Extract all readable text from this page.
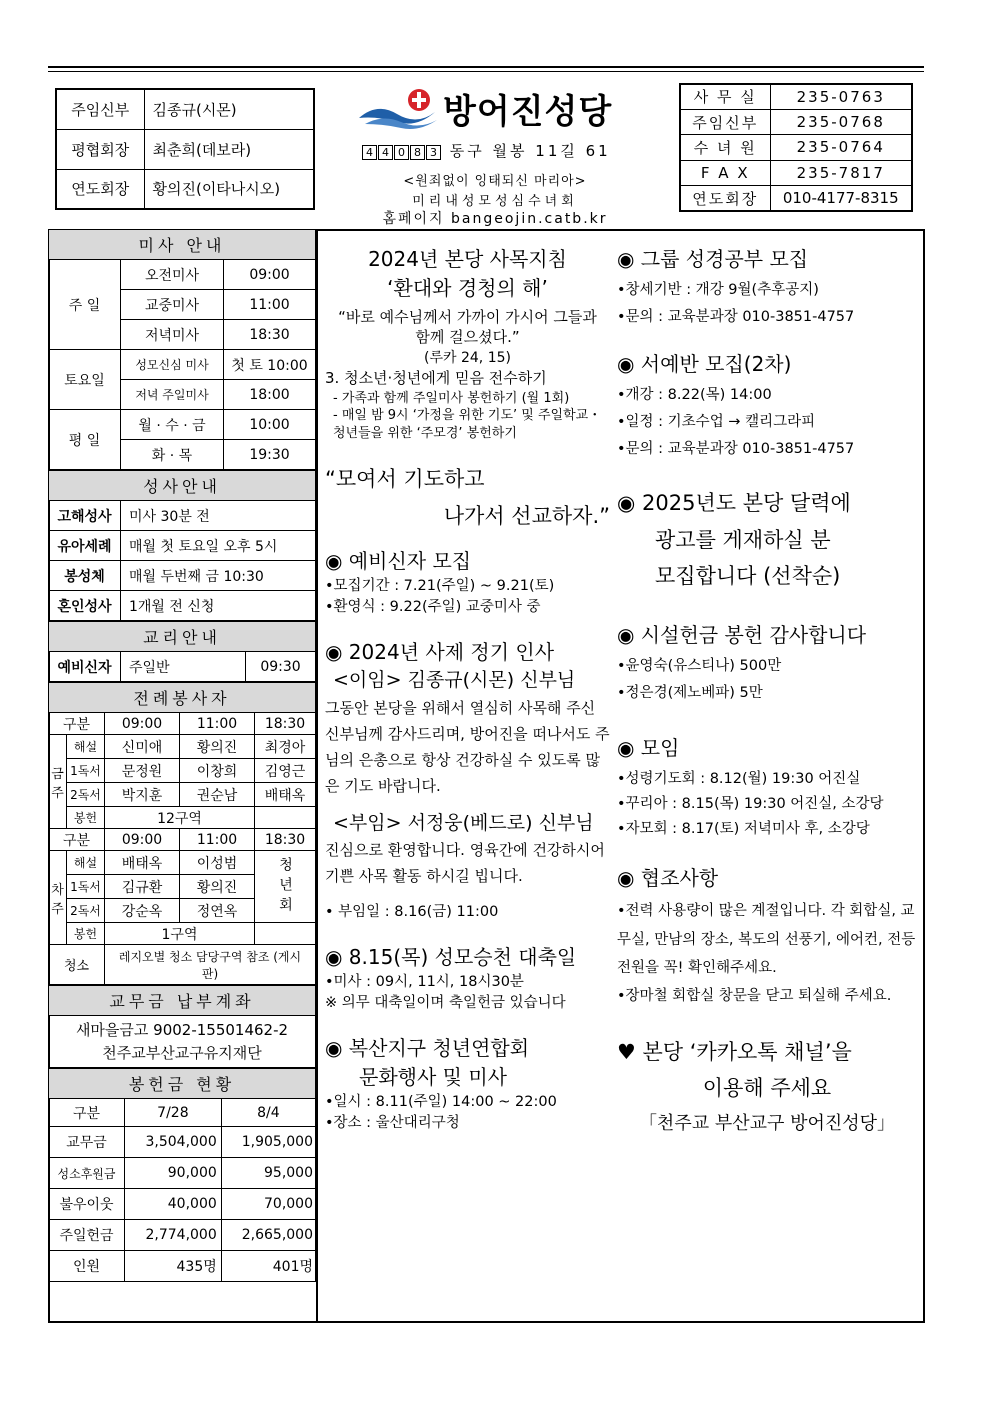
주임신부	김종규(시몬)
평협회장	최춘희(데보라)
연도회장	황의진(이타나시오)
방어진성당
4 4 0 8 3 동구 월봉 11길 61
<원죄없이 잉태되신 마리아>
미리내성모성심수녀회
홈페이지 bangeojin.catb.kr
사 무 실	235-0763
주임신부	235-0768
수 녀 원	235-0764
F A X	235-7817
연도회장	010-4177-8315
미사 안내		
주 일	오전미사	09:00
	교중미사	11:00
	저녁미사	18:30
토요일	성모신심 미사	첫 토 10:00
	저녁 주일미사	18:00
평 일	월 · 수 · 금	10:00
	화 · 목	19:30
성사안내	
고해성사	미사 30분 전
유아세례	매월 첫 토요일 오후 5시
봉성체	매월 두번째 금 10:30
혼인성사	1개월 전 신청
교리안내
예비신자	주일반	09:30
전례봉사자				
구분		09:00	11:00	18:30
금주	해설	신미애	황의진	최경아
	1독서	문정원	이창희	김영근
	2독서	박지훈	권순남	배태옥
	봉헌	12구역		
구분		09:00	11:00	18:30
차주	해설	배태옥	이성범	청년회
	1독서	김규환	황의진	
	2독서	강순옥	정연옥	
	봉헌	1구역		
청소		레지오별 청소 담당구역 참조 (게시판)		
교무금 납부계좌

새마을금고 9002-15501462-2
천주교부산교구유지재단
봉헌금 현황		
구분	7/28	8/4
교무금	3,504,000	1,905,000
성소후원금	90,000	95,000
불우이웃	40,000	70,000
주일헌금	2,774,000	2,665,000
인원	435명	401명
2024년 본당 사목지침
‘환대와 경청의 해’
“바로 예수님께서 가까이 가시어 그들과 함께 걸으셨다.”
(루카 24, 15)
3. 청소년·청년에게 믿음 전수하기
- 가족과 함께 주일미사 봉헌하기 (월 1회)
- 매일 밤 9시 ‘가정을 위한 기도’ 및 주일학교・청년들을 위한 ‘주모경’ 봉헌하기
“모여서 기도하고
나가서 선교하자.”
◉ 예비신자 모집
•모집기간 : 7.21(주일) ~ 9.21(토)
•환영식 : 9.22(주일) 교중미사 중
◉ 2024년 사제 정기 인사
<이임> 김종규(시몬) 신부님
그동안 본당을 위해서 열심히 사목해 주신 신부님께 감사드리며, 방어진을 떠나서도 주님의 은총으로 항상 건강하실 수 있도록 많은 기도 바랍니다.
<부임> 서정웅(베드로) 신부님
진심으로 환영합니다. 영육간에 건강하시어 기쁜 사목 활동 하시길 빕니다.
• 부임일 : 8.16(금) 11:00
◉ 8.15(목) 성모승천 대축일
•미사 : 09시, 11시, 18시30분
※ 의무 대축일이며 축일헌금 있습니다
◉ 복산지구 청년연합회
문화행사 및 미사
•일시 : 8.11(주일) 14:00 ~ 22:00
•장소 : 울산대리구청
◉ 그룹 성경공부 모집
•창세기반 : 개강 9월(추후공지)
•문의 : 교육분과장 010-3851-4757
◉ 서예반 모집(2차)
•개강 : 8.22(목) 14:00
•일정 : 기초수업 → 캘리그라피
•문의 : 교육분과장 010-3851-4757
◉ 2025년도 본당 달력에
광고를 게재하실 분
모집합니다 (선착순)
◉ 시설헌금 봉헌 감사합니다
•윤영숙(유스티나) 500만
•정은경(제노베파) 5만
◉ 모임
•성령기도회 : 8.12(월) 19:30 어진실
•꾸리아 : 8.15(목) 19:30 어진실, 소강당
•자모회 : 8.17(토) 저녁미사 후, 소강당
◉ 협조사항
•전력 사용량이 많은 계절입니다. 각 회합실, 교무실, 만남의 장소, 복도의 선풍기, 에어컨, 전등 전원을 꼭! 확인해주세요.
•장마철 회합실 창문을 닫고 퇴실해 주세요.
♥ 본당 ‘카카오톡 채널’을
이용해 주세요
「천주교 부산교구 방어진성당」
